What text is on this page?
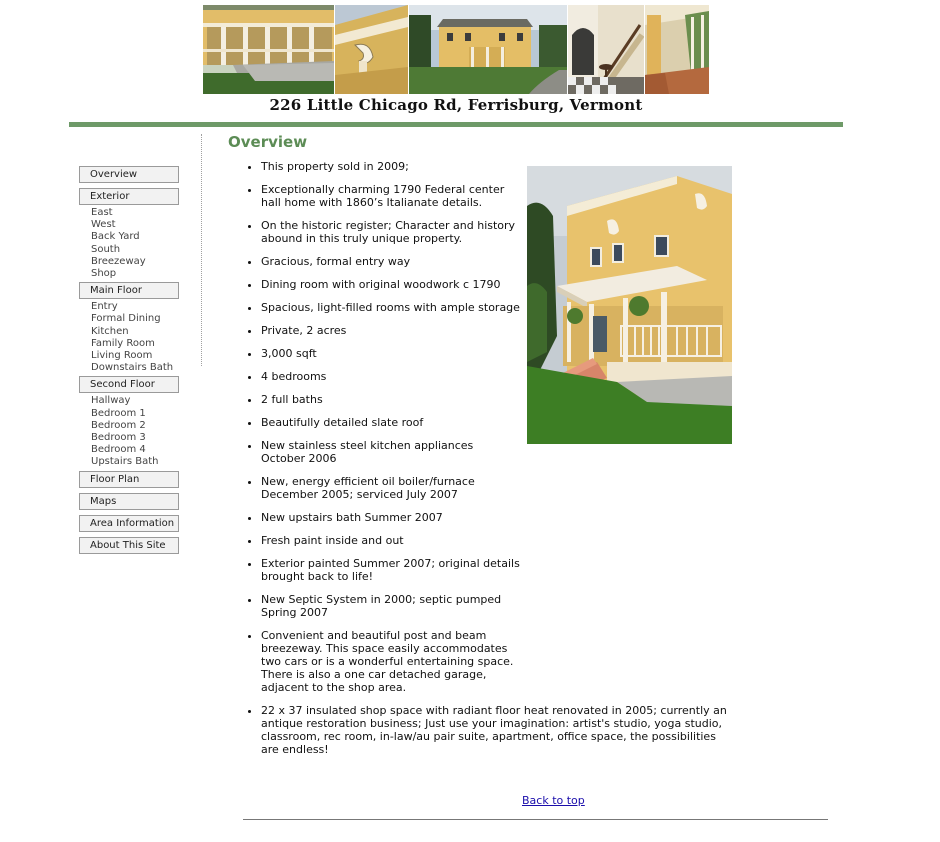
226 Little Chicago Rd, Ferrisburg, Vermont
Overview
Exterior
East
West
Back Yard
South
Breezeway
Shop
Main Floor
Entry
Formal Dining
Kitchen
Family Room
Living Room
Downstairs Bath
Second Floor
Hallway
Bedroom 1
Bedroom 2
Bedroom 3
Bedroom 4
Upstairs Bath
Floor Plan
Maps
Area Information
About This Site
Overview
• This property sold in 2009;
• Exceptionally charming 1790 Federal center hall home with 1860’s Italianate details.
• On the historic register; Character and history abound in this truly unique property.
• Gracious, formal entry way
• Dining room with original woodwork c 1790
• Spacious, light-filled rooms with ample storage
• Private, 2 acres
• 3,000 sqft
• 4 bedrooms
• 2 full baths
• Beautifully detailed slate roof
• New stainless steel kitchen appliances October 2006
• New, energy efficient oil boiler/furnace December 2005; serviced July 2007
• New upstairs bath Summer 2007
• Fresh paint inside and out
• Exterior painted Summer 2007; original details brought back to life!
• New Septic System in 2000; septic pumped Spring 2007
• Convenient and beautiful post and beam breezeway. This space easily accommodates two cars or is a wonderful entertaining space. There is also a one car detached garage, adjacent to the shop area.
• 22 x 37 insulated shop space with radiant floor heat renovated in 2005; currently an antique restoration business; Just use your imagination: artist's studio, yoga studio, classroom, rec room, in-law/au pair suite, apartment, office space, the possibilities are endless!
Back to top
